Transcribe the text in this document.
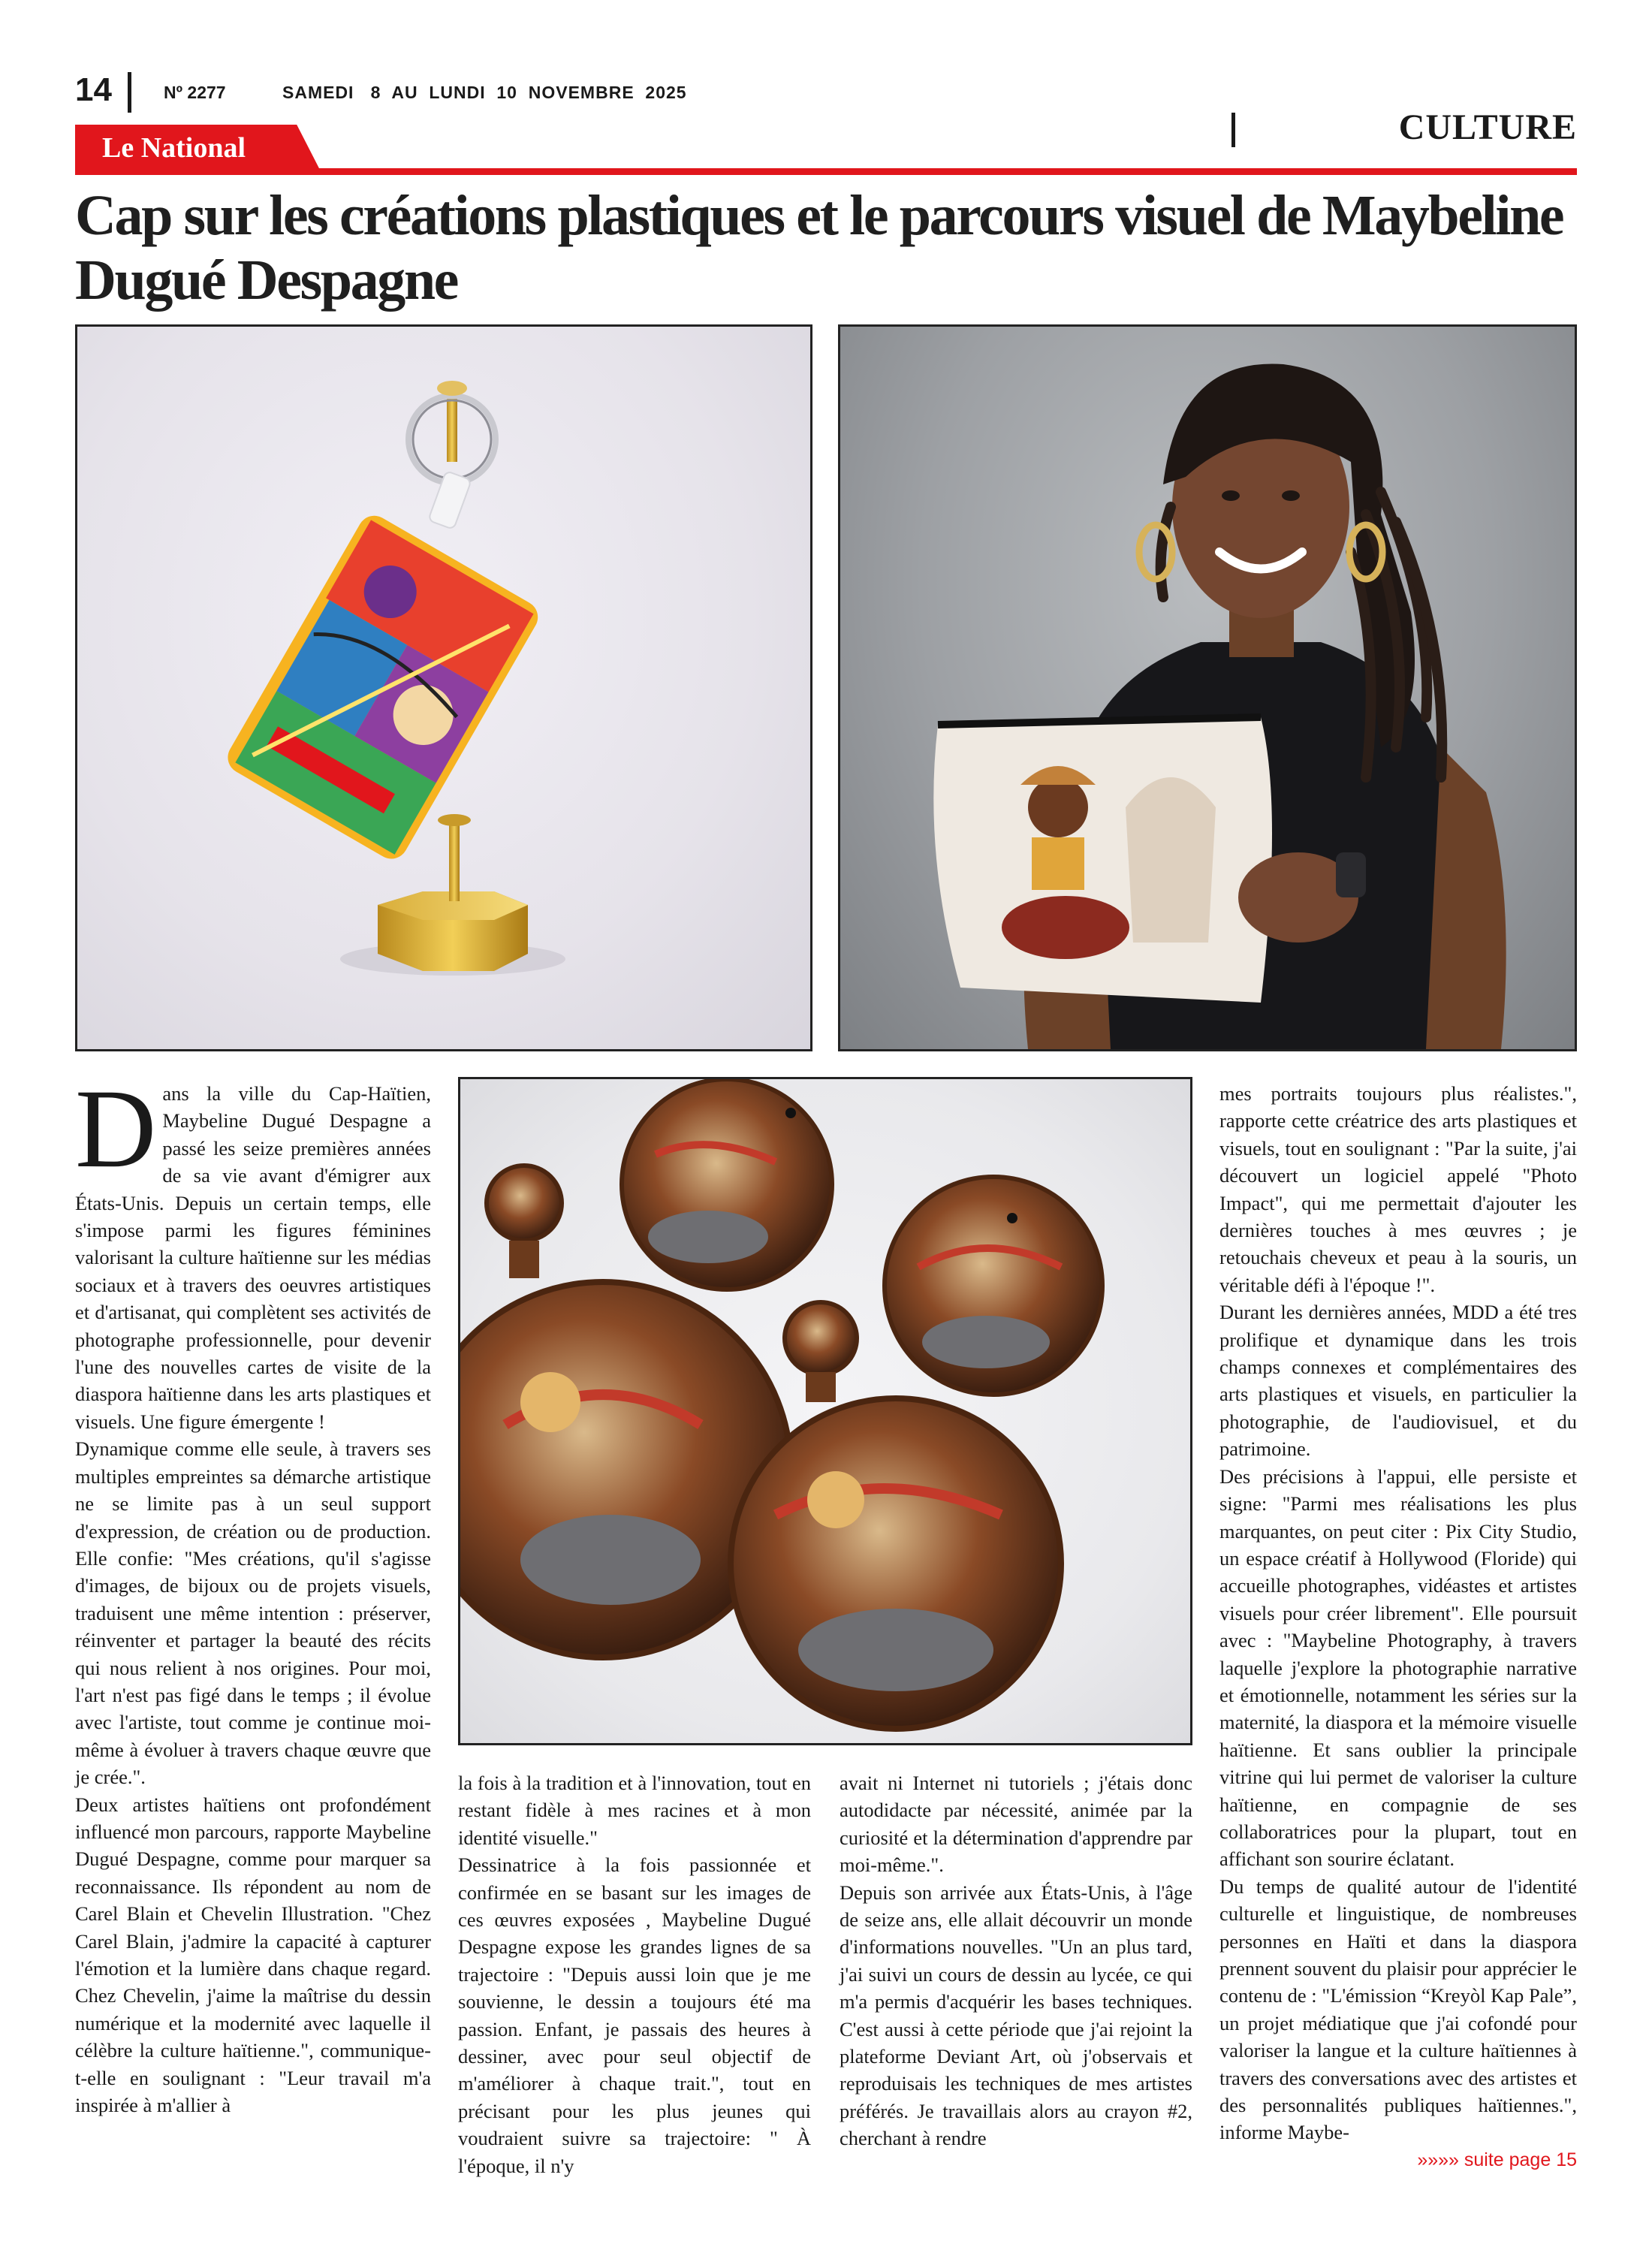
14	Nº 2277	SAMEDI   8  AU  LUNDI  10  NOVEMBRE  2025
CULTURE
Le National
Cap sur les créations plastiques et le parcours visuel de Maybeline Dugué Despagne

Dans la ville du Cap-Haïtien, Maybeline Dugué Despagne a passé les seize premières années de sa vie avant d'émigrer aux États-Unis. Depuis un certain temps, elle s'impose parmi les figures féminines valorisant la culture haïtienne sur les médias sociaux et à travers des oeuvres artistiques et d'artisanat, qui complètent ses activités de photographe professionnelle, pour devenir l'une des nouvelles cartes de visite de la diaspora haïtienne dans les arts plastiques et visuels. Une figure émergente !

Dynamique comme elle seule, à travers ses multiples empreintes sa démarche artistique ne se limite pas à un seul support d'expression, de création ou de production. Elle confie: "Mes créations, qu'il s'agisse d'images, de bijoux ou de projets visuels, traduisent une même intention : préserver, réinventer et partager la beauté des récits qui nous relient à nos origines. Pour moi, l'art n'est pas figé dans le temps ; il évolue avec l'artiste, tout comme je continue moi-même à évoluer à travers chaque œuvre que je crée.".

Deux artistes haïtiens ont profondément influencé mon parcours, rapporte Maybeline Dugué Despagne, comme pour marquer sa reconnaissance. Ils répondent au nom de Carel Blain et Chevelin Illustration. "Chez Carel Blain, j'admire la capacité à capturer l'émotion et la lumière dans chaque regard. Chez Chevelin, j'aime la maîtrise du dessin numérique et la modernité avec laquelle il célèbre la culture haïtienne.", communique-t-elle en soulignant : "Leur travail m'a inspirée à m'allier à

la fois à la tradition et à l'innovation, tout en restant fidèle à mes racines et à mon identité visuelle."

Dessinatrice à la fois passionnée et confirmée en se basant sur les images de ces œuvres exposées , Maybeline Dugué Despagne expose les grandes lignes de sa trajectoire : "Depuis aussi loin que je me souvienne, le dessin a toujours été ma passion. Enfant, je passais des heures à dessiner, avec pour seul objectif de m'améliorer à chaque trait.", tout en précisant pour les plus jeunes qui voudraient suivre sa trajectoire: " À l'époque, il n'y

avait ni Internet ni tutoriels ; j'étais donc autodidacte par nécessité, animée par la curiosité et la détermination d'apprendre par moi-même.".

Depuis son arrivée aux États-Unis, à l'âge de seize ans, elle allait découvrir un monde d'informations nouvelles. "Un an plus tard, j'ai suivi un cours de dessin au lycée, ce qui m'a permis d'acquérir les bases techniques. C'est aussi à cette période que j'ai rejoint la plateforme Deviant Art, où j'observais et reproduisais les techniques de mes artistes préférés. Je travaillais alors au crayon #2, cherchant à rendre

mes portraits toujours plus réalistes.", rapporte cette créatrice des arts plastiques et visuels, tout en soulignant : "Par la suite, j'ai découvert un logiciel appelé "Photo Impact", qui me permettait d'ajouter les dernières touches à mes œuvres ; je retouchais cheveux et peau à la souris, un véritable défi à l'époque !".

Durant les dernières années, MDD a été tres prolifique et dynamique dans les trois champs connexes et complémentaires des arts plastiques et visuels, en particulier la photographie, de l'audiovisuel, et du patrimoine.

Des précisions à l'appui, elle persiste et signe: "Parmi mes réalisations les plus marquantes, on peut citer : Pix City Studio, un espace créatif à Hollywood (Floride) qui accueille photographes, vidéastes et artistes visuels pour créer librement". Elle poursuit avec : "Maybeline Photography, à travers laquelle j'explore la photographie narrative et émotionnelle, notamment les séries sur la maternité, la diaspora et la mémoire visuelle haïtienne. Et sans oublier la principale vitrine qui lui permet de valoriser la culture haïtienne, en compagnie de ses collaboratrices pour la plupart, tout en affichant son sourire éclatant.

Du temps de qualité autour de l'identité culturelle et linguistique, de nombreuses personnes en Haïti et dans la diaspora prennent souvent du plaisir pour apprécier le contenu de : "L'émission “Kreyòl Kap Pale”, un projet médiatique que j'ai cofondé pour valoriser la langue et la culture haïtiennes à travers des conversations avec des artistes et des personnalités publiques haïtiennes.", informe Maybe-

»»»» suite page 15
